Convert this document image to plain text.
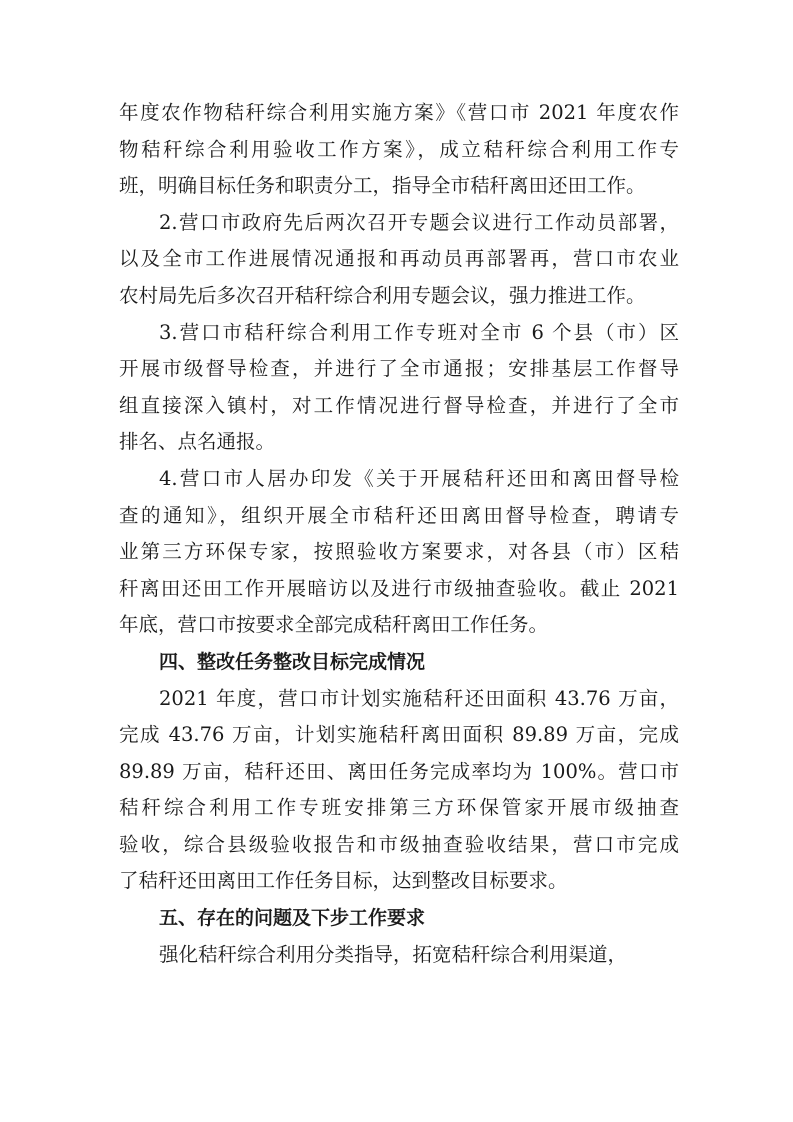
年度农作物秸秆综合利用实施方案》《营口市 2021 年度农作
物秸秆综合利用验收工作方案》，成立秸秆综合利用工作专
班，明确目标任务和职责分工，指导全市秸秆离田还田工作。

2.营口市政府先后两次召开专题会议进行工作动员部署，
以及全市工作进展情况通报和再动员再部署再，营口市农业
农村局先后多次召开秸秆综合利用专题会议，强力推进工作。

3.营口市秸秆综合利用工作专班对全市 6 个县（市）区
开展市级督导检查，并进行了全市通报；安排基层工作督导
组直接深入镇村，对工作情况进行督导检查，并进行了全市
排名、点名通报。

4.营口市人居办印发《关于开展秸秆还田和离田督导检
查的通知》，组织开展全市秸秆还田离田督导检查，聘请专
业第三方环保专家，按照验收方案要求，对各县（市）区秸
秆离田还田工作开展暗访以及进行市级抽查验收。截止 2021
年底，营口市按要求全部完成秸秆离田工作任务。

四、整改任务整改目标完成情况

2021 年度，营口市计划实施秸秆还田面积 43.76 万亩，
完成 43.76 万亩，计划实施秸秆离田面积 89.89 万亩，完成
89.89 万亩，秸秆还田、离田任务完成率均为 100%。营口市
秸秆综合利用工作专班安排第三方环保管家开展市级抽查
验收，综合县级验收报告和市级抽查验收结果，营口市完成
了秸秆还田离田工作任务目标，达到整改目标要求。

五、存在的问题及下步工作要求

强化秸秆综合利用分类指导，拓宽秸秆综合利用渠道，
